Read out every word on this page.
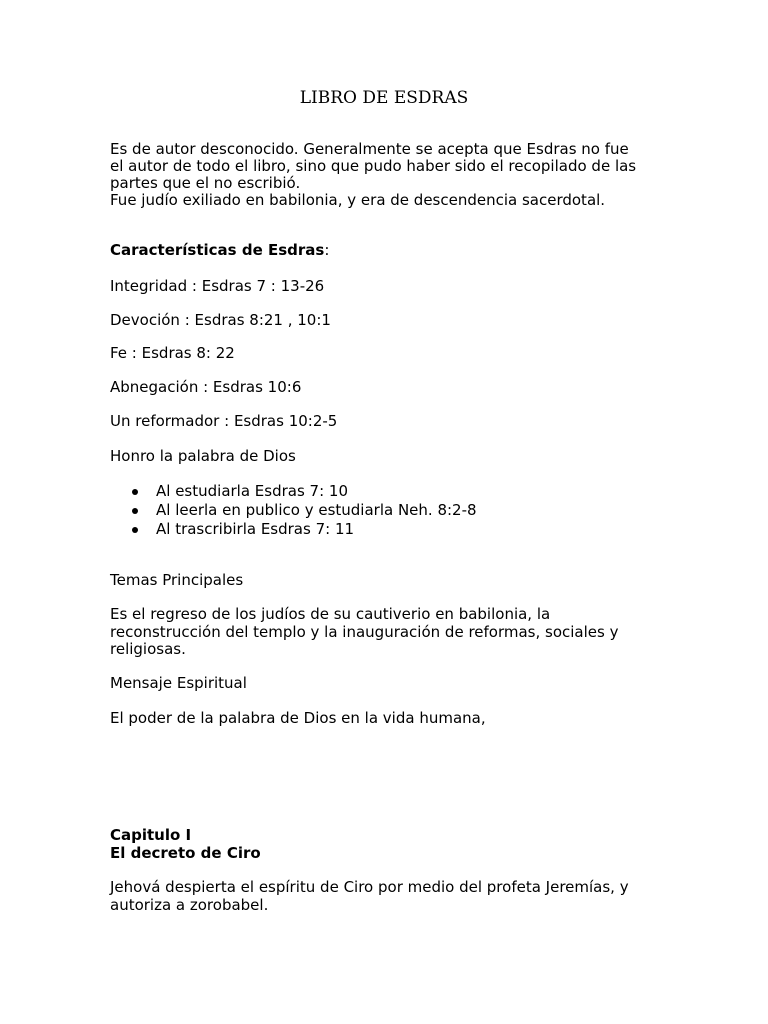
LIBRO DE ESDRAS
Es de autor desconocido. Generalmente se acepta que Esdras no fue
el autor de todo el libro, sino que pudo haber sido el recopilado de las
partes que el no escribió.
Fue judío exiliado en babilonia, y era de descendencia sacerdotal.
Características de Esdras:
Integridad : Esdras 7 : 13-26
Devoción : Esdras 8:21 , 10:1
Fe : Esdras 8: 22
Abnegación : Esdras 10:6
Un reformador : Esdras 10:2-5
Honro la palabra de Dios
Al estudiarla Esdras 7: 10
Al leerla en publico y estudiarla Neh. 8:2-8
Al trascribirla Esdras 7: 11
Temas Principales
Es el regreso de los judíos de su cautiverio en babilonia, la
reconstrucción del templo y la inauguración de reformas, sociales y
religiosas.
Mensaje Espiritual
El poder de la palabra de Dios en la vida humana,
Capitulo I
El decreto de Ciro
Jehová despierta el espíritu de Ciro por medio del profeta Jeremías, y
autoriza a zorobabel.
